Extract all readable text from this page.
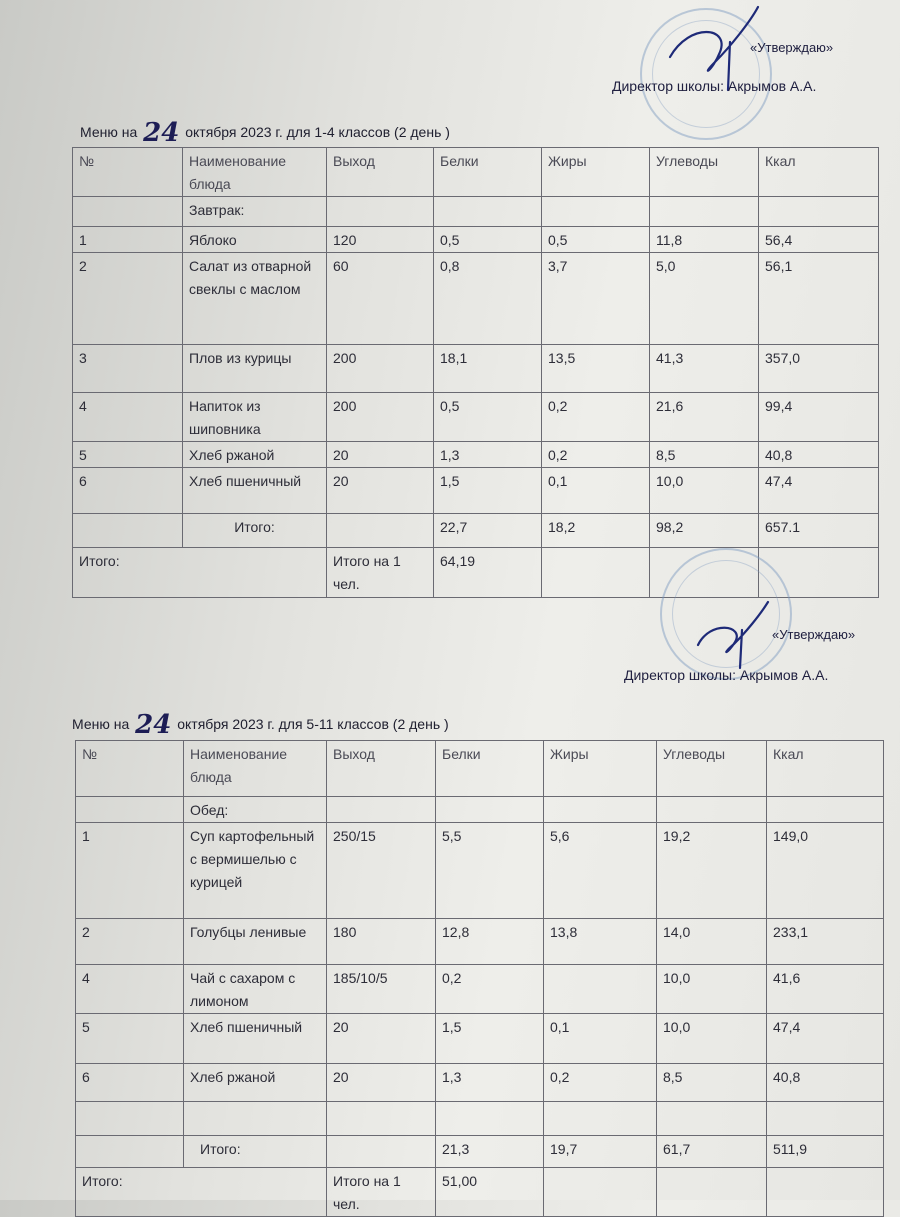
«Утверждаю»
Директор школы: Акрымов А.А.
Меню на 24 октября 2023 г. для 1-4 классов (2 день )
№	Наименование блюда	Выход	Белки	Жиры	Углеводы	Ккал
	Завтрак:					
1	Яблоко	120	0,5	0,5	11,8	56,4
2	Салат из отварной свеклы с маслом	60	0,8	3,7	5,0	56,1
3	Плов из курицы	200	18,1	13,5	41,3	357,0
4	Напиток из шиповника	200	0,5	0,2	21,6	99,4
5	Хлеб ржаной	20	1,3	0,2	8,5	40,8
6	Хлеб пшеничный	20	1,5	0,1	10,0	47,4
	Итого:		22,7	18,2	98,2	657.1
Итого:		Итого на 1 чел.	64,19			
«Утверждаю»
Директор школы: Акрымов А.А.
Меню на 24 октября 2023 г. для 5-11 классов (2 день )
№	Наименование блюда	Выход	Белки	Жиры	Углеводы	Ккал
	Обед:					
1	Суп картофельный с вермишелью с курицей	250/15	5,5	5,6	19,2	149,0
2	Голубцы ленивые	180	12,8	13,8	14,0	233,1
4	Чай с сахаром с лимоном	185/10/5	0,2		10,0	41,6
5	Хлеб пшеничный	20	1,5	0,1	10,0	47,4
6	Хлеб ржаной	20	1,3	0,2	8,5	40,8

	Итого:		21,3	19,7	61,7	511,9
Итого:		Итого на 1 чел.	51,00			
